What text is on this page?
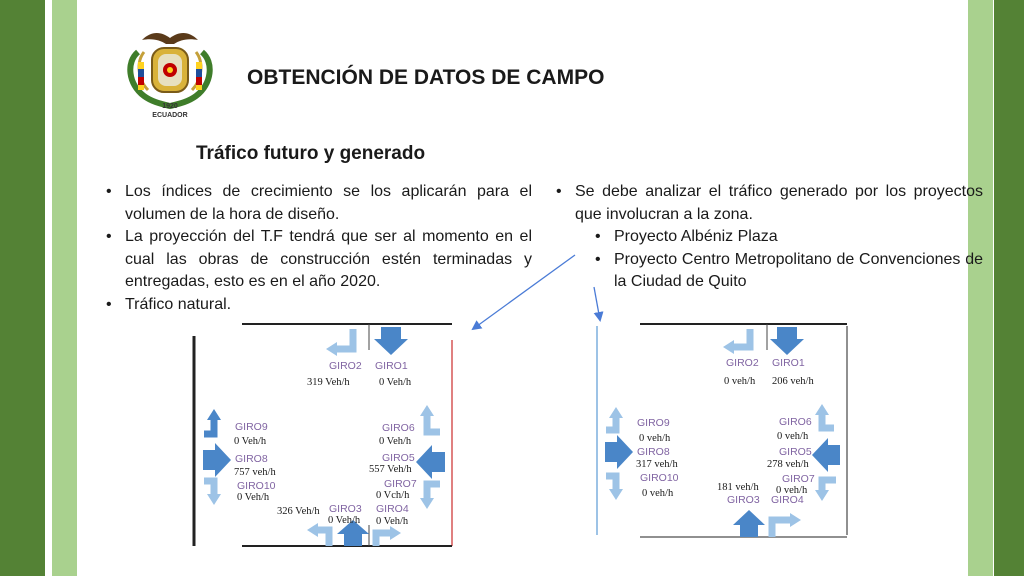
1920
ECUADOR
OBTENCIÓN DE DATOS DE CAMPO
Tráfico futuro y generado
• Los índices de crecimiento se los aplicarán para el volumen de la hora de diseño.
• La proyección del T.F tendrá que ser al momento en el cual las obras de construcción estén terminadas y entregadas, esto es en el año 2020.
• Tráfico natural.
• Se debe analizar el tráfico generado por los proyectos que involucran a la zona.
• Proyecto Albéniz Plaza
• Proyecto Centro Metropolitano de Convenciones de la Ciudad de Quito
GIRO2 GIRO1
319 Veh/h	0 Veh/h
GIRO9
0 Veh/h
GIRO8
757 veh/h
GIRO10
0 Veh/h
GIRO6
0 Veh/h
GIRO5
557 Veh/h
GIRO7
0 Vch/h
326 Veh/h GIRO3 GIRO4
0 Veh/h 0 Veh/h
GIRO2 GIRO1
0 veh/h 206 veh/h
GIRO9
0 veh/h
GIRO8
317 veh/h
GIRO10
0 veh/h
GIRO6
0 veh/h
GIRO5
278 veh/h
GIRO7
0 veh/h
181 veh/h
GIRO3 GIRO4
